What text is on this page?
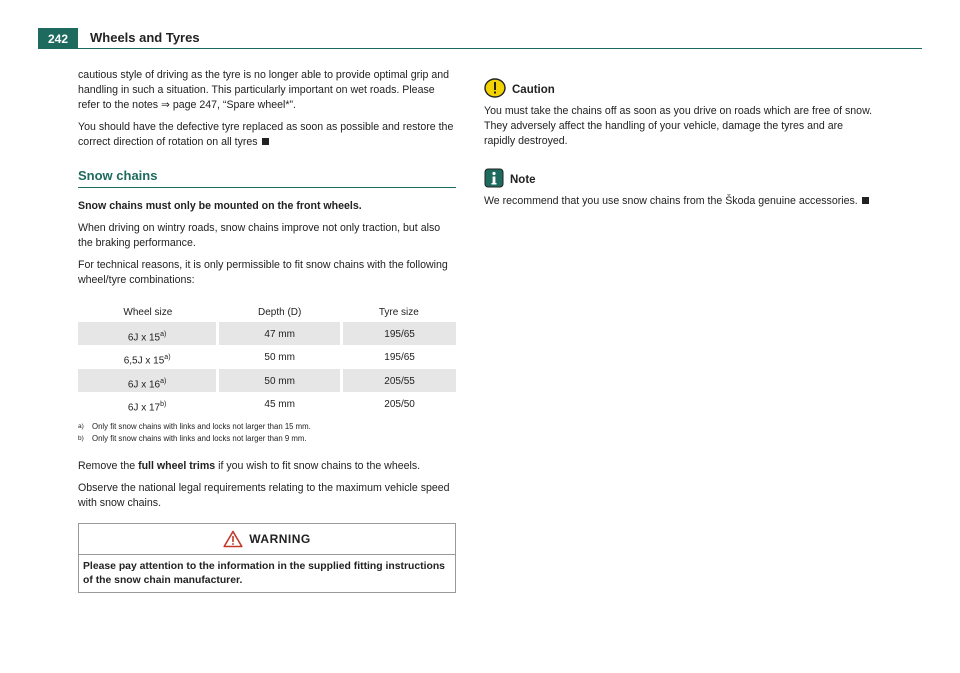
242	Wheels and Tyres

cautious style of driving as the tyre is no longer able to provide optimal grip and handling in such a situation. This particularly important on wet roads. Please refer to the notes ⇒ page 247, “Spare wheel*”.

You should have the defective tyre replaced as soon as possible and restore the correct direction of rotation on all tyres

Snow chains

Snow chains must only be mounted on the front wheels.

When driving on wintry roads, snow chains improve not only traction, but also the braking performance.

For technical reasons, it is only permissible to fit snow chains with the following wheel/tyre combinations:

Wheel size	Depth (D)	Tyre size

6J x 15$^{a)}$	47 mm	195/65

6,5J x 15$^{a)}$	50 mm	195/65

6J x 16$^{a)}$	50 mm	205/55

6J x 17$^{b)}$	45 mm	205/50
a)	Only fit snow chains with links and locks not larger than 15 mm.
b)	Only fit snow chains with links and locks not larger than 9 mm.

Remove the full wheel trims if you wish to fit snow chains to the wheels.

Observe the national legal requirements relating to the maximum vehicle speed with snow chains.

WARNING
Please pay attention to the information in the supplied fitting instructions of the snow chain manufacturer.
Caution

You must take the chains off as soon as you drive on roads which are free of snow. They adversely affect the handling of your vehicle, damage the tyres and are rapidly destroyed.

Note

We recommend that you use snow chains from the Škoda genuine accessories.
